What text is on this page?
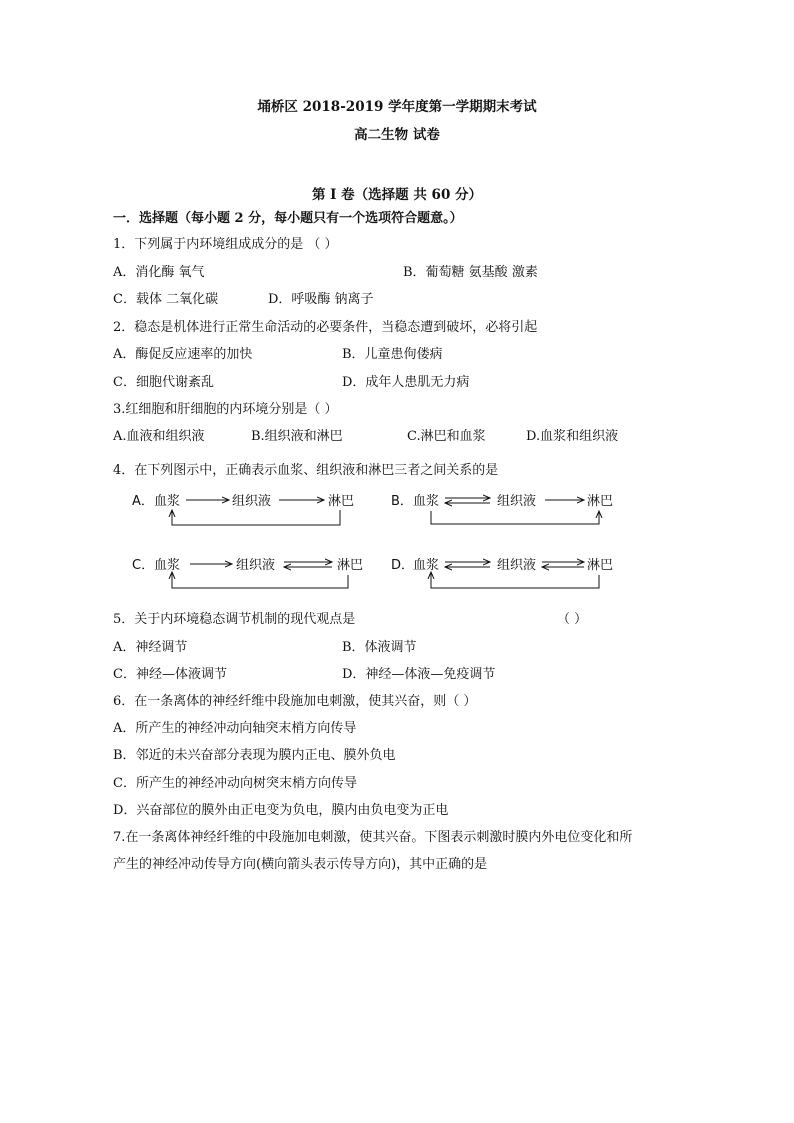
埇桥区 2018-2019 学年度第一学期期末考试
高二生物 试卷
第 I 卷（选择题 共 60 分）
一．选择题（每小题 2 分，每小题只有一个选项符合题意。）
1．下列属于内环境组成成分的是 （ ）
A．消化酶 氧气	B．葡萄糖 氨基酸 激素
C．载体 二氧化碳	D．呼吸酶 钠离子
2．稳态是机体进行正常生命活动的必要条件，当稳态遭到破坏，必将引起
A．酶促反应速率的加快	B．儿童患佝偻病
C．细胞代谢紊乱	D．成年人患肌无力病
3.红细胞和肝细胞的内环境分别是（ ）
A.血液和组织液	B.组织液和淋巴	C.淋巴和血浆	D.血浆和组织液
4．在下列图示中，正确表示血浆、组织液和淋巴三者之间关系的是
A． 血浆	组织液	淋巴	B． 血浆	组织液	淋巴
C． 血浆	组织液	淋巴 D．
血浆	组织液	淋巴
5．关于内环境稳态调节机制的现代观点是	（ ）
A．神经调节	B．体液调节
C．神经—体液调节	D．神经—体液—免疫调节
6．在一条离体的神经纤维中段施加电刺激，使其兴奋，则（ ）
A．所产生的神经冲动向轴突末梢方向传导
B．邻近的未兴奋部分表现为膜内正电、膜外负电
C．所产生的神经冲动向树突末梢方向传导
D．兴奋部位的膜外由正电变为负电，膜内由负电变为正电
7.在一条离体神经纤维的中段施加电刺激，使其兴奋。下图表示刺激时膜内外电位变化和所
产生的神经冲动传导方向(横向箭头表示传导方向)，其中正确的是
